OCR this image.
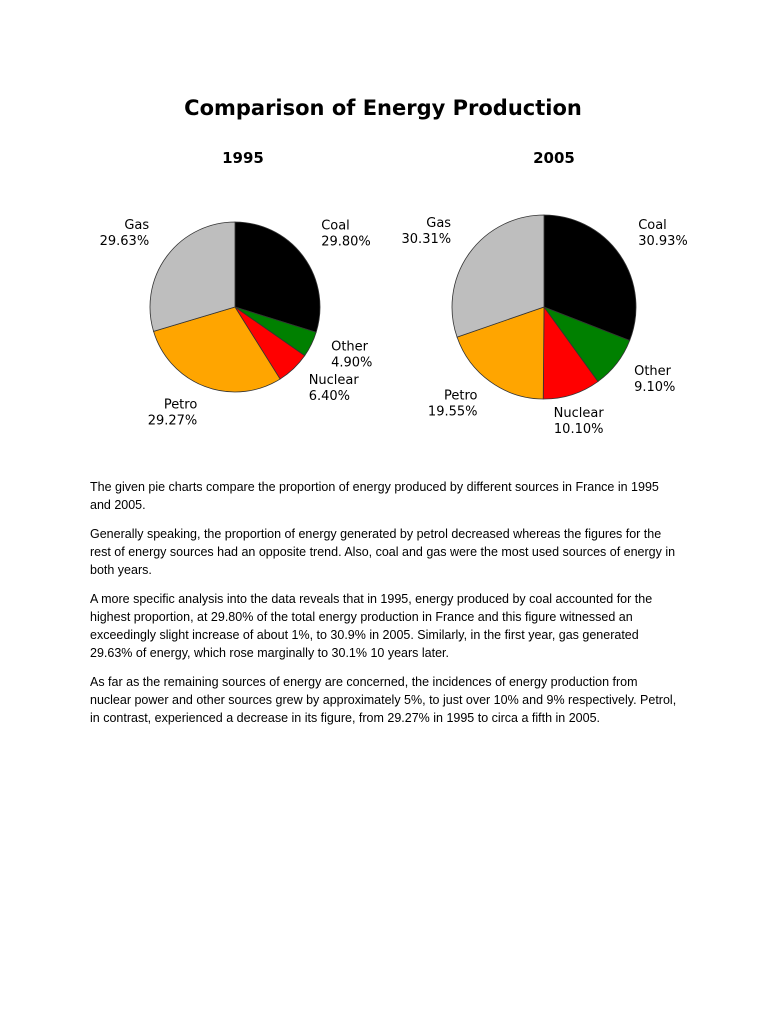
Comparison of Energy Production
1995
Coal 29.80%
Other 4.90%
Nuclear 6.40%
Petro 29.27%
Gas 29.63%
2005
Coal 30.93%
Other 9.10%
Nuclear 10.10%
Petro 19.55%
Gas 30.31%

The given pie charts compare the proportion of energy produced by different sources in France in 1995 and 2005.

Generally speaking, the proportion of energy generated by petrol decreased whereas the figures for the rest of energy sources had an opposite trend. Also, coal and gas were the most used sources of energy in both years.

A more specific analysis into the data reveals that in 1995, energy produced by coal accounted for the highest proportion, at 29.80% of the total energy production in France and this figure witnessed an exceedingly slight increase of about 1%, to 30.9% in 2005. Similarly, in the first year, gas generated 29.63% of energy, which rose marginally to 30.1% 10 years later.

As far as the remaining sources of energy are concerned, the incidences of energy production from nuclear power and other sources grew by approximately 5%, to just over 10% and 9% respectively. Petrol, in contrast, experienced a decrease in its figure, from 29.27% in 1995 to circa a fifth in 2005.
